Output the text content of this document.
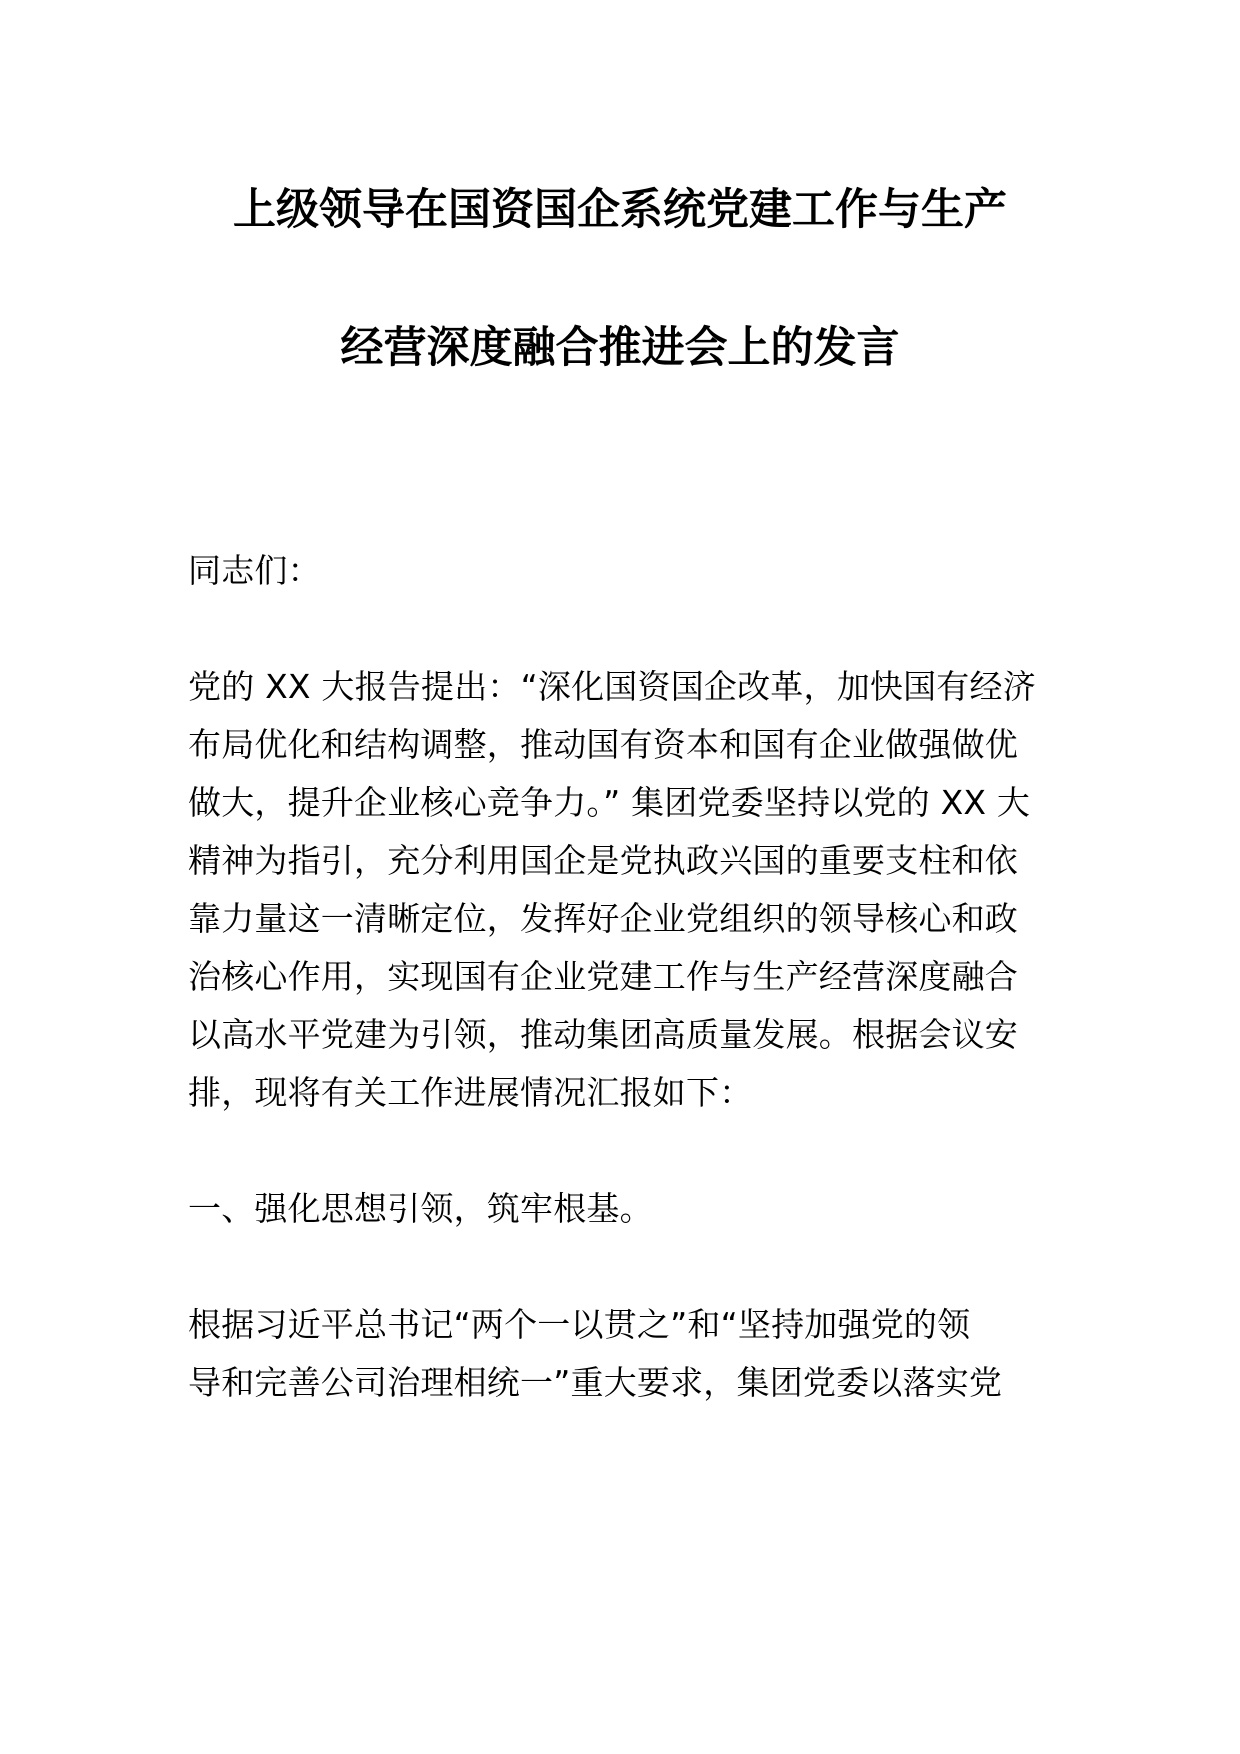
上级领导在国资国企系统党建工作与生产
经营深度融合推进会上的发言
同志们：
党的 XX 大报告提出：“深化国资国企改革，加快国有经济
布局优化和结构调整，推动国有资本和国有企业做强做优
做大，提升企业核心竞争力。” 集团党委坚持以党的 XX 大
精神为指引，充分利用国企是党执政兴国的重要支柱和依
靠力量这一清晰定位，发挥好企业党组织的领导核心和政
治核心作用，实现国有企业党建工作与生产经营深度融合
以高水平党建为引领，推动集团高质量发展。根据会议安
排，现将有关工作进展情况汇报如下：
一、强化思想引领，筑牢根基。
根据习近平总书记“两个一以贯之”和“坚持加强党的领
导和完善公司治理相统一”重大要求，集团党委以落实党
